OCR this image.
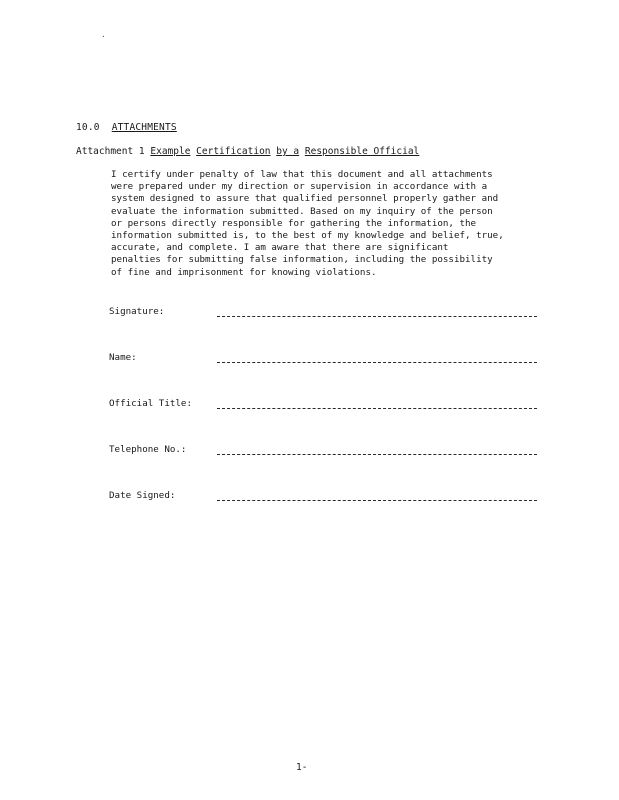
·
10.0 ATTACHMENTS
Attachment 1 Example Certification by a Responsible Official
I certify under penalty of law that this document and all attachments
were prepared under my direction or supervision in accordance with a
system designed to assure that qualified personnel properly gather and
evaluate the information submitted. Based on my inquiry of the person
or persons directly responsible for gathering the information, the
information submitted is, to the best of my knowledge and belief, true,
accurate, and complete. I am aware that there are significant
penalties for submitting false information, including the possibility
of fine and imprisonment for knowing violations.
Signature:
Name:
Official Title:
Telephone No.:
Date Signed:
1-
